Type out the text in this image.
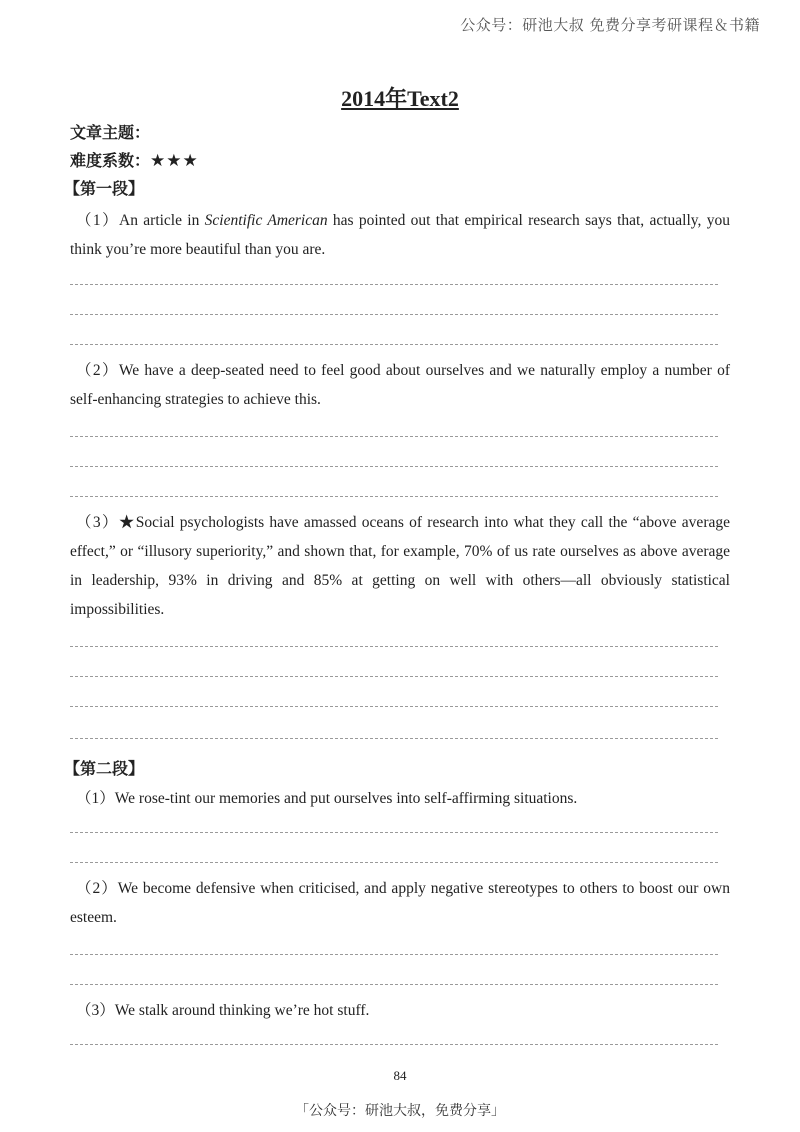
公众号：研池大叔 免费分享考研课程＆书籍
2014年Text2
文章主题：
难度系数：★★★
【第一段】
（1）An article in Scientific American has pointed out that empirical research says that, actually, you think you’re more beautiful than you are.
（2）We have a deep-seated need to feel good about ourselves and we naturally employ a number of self-enhancing strategies to achieve this.
（3）★Social psychologists have amassed oceans of research into what they call the “above average effect,” or “illusory superiority,” and shown that, for example, 70% of us rate ourselves as above average in leadership, 93% in driving and 85% at getting on well with others—all obviously statistical impossibilities.
【第二段】
（1）We rose-tint our memories and put ourselves into self-affirming situations.
（2）We become defensive when criticised, and apply negative stereotypes to others to boost our own esteem.
（3）We stalk around thinking we’re hot stuff.
84
「公众号：研池大叔，免费分享」
